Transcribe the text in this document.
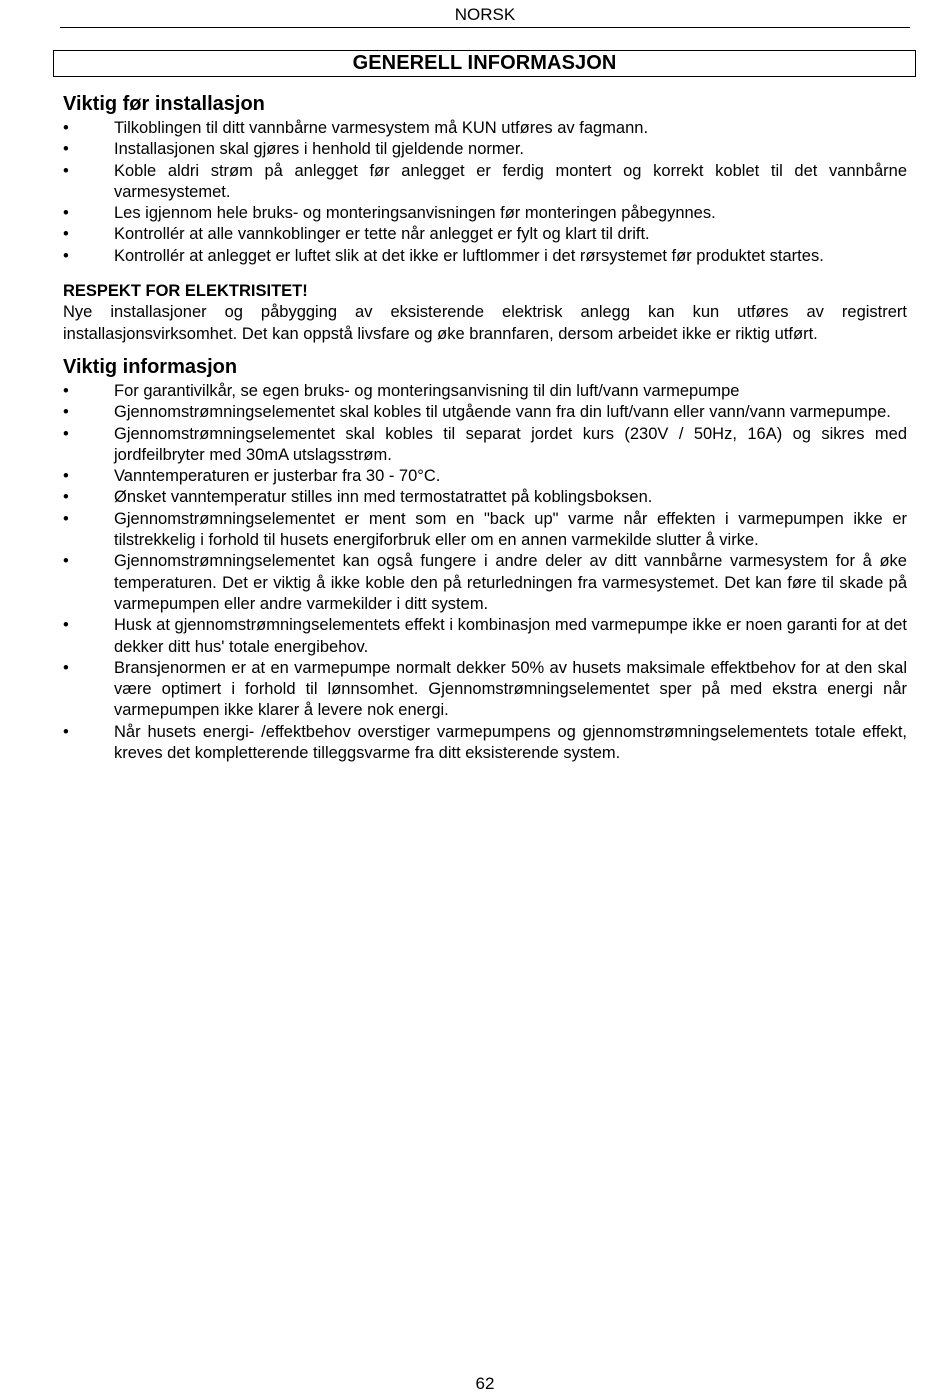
NORSK
GENERELL INFORMASJON
Viktig før installasjon
•	Tilkoblingen til ditt vannbårne varmesystem må KUN utføres av fagmann.
•	Installasjonen skal gjøres i henhold til gjeldende normer.
•	Koble aldri strøm på anlegget før anlegget er ferdig montert og korrekt koblet til det vannbårne varmesystemet.
•	Les igjennom hele bruks- og monteringsanvisningen før monteringen påbegynnes.
•	Kontrollér at alle vannkoblinger er tette når anlegget er fylt og klart til drift.
•	Kontrollér at anlegget er luftet slik at det ikke er luftlommer i det rørsystemet før produktet startes.
RESPEKT FOR ELEKTRISITET!
Nye installasjoner og påbygging av eksisterende elektrisk anlegg kan kun utføres av registrert installasjonsvirksomhet. Det kan oppstå livsfare og øke brannfaren, dersom arbeidet ikke er riktig utført.
Viktig informasjon
•	For garantivilkår, se egen bruks- og monteringsanvisning til din luft/vann varmepumpe
•	Gjennomstrømningselementet skal kobles til utgående vann fra din luft/vann eller vann/vann varmepumpe.
•	Gjennomstrømningselementet skal kobles til separat jordet kurs (230V / 50Hz, 16A) og sikres med jordfeilbryter med 30mA utslagsstrøm.
•	Vanntemperaturen er justerbar fra 30 - 70°C.
•	Ønsket vanntemperatur stilles inn med termostatrattet på koblingsboksen.
•	Gjennomstrømningselementet er ment som en "back up" varme når effekten i varmepumpen ikke er tilstrekkelig i forhold til husets energiforbruk eller om en annen varmekilde slutter å virke.
•	Gjennomstrømningselementet kan også fungere i andre deler av ditt vannbårne varmesystem for å øke temperaturen. Det er viktig å ikke koble den på returledningen fra varmesystemet. Det kan føre til skade på varmepumpen eller andre varmekilder i ditt system.
•	Husk at gjennomstrømningselementets effekt i kombinasjon med varmepumpe ikke er noen garanti for at det dekker ditt hus' totale energibehov.
•	Bransjenormen er at en varmepumpe normalt dekker 50% av husets maksimale effektbehov for at den skal være optimert i forhold til lønnsomhet. Gjennomstrømningselementet sper på med ekstra energi når varmepumpen ikke klarer å levere nok energi.
•	Når husets energi- /effektbehov overstiger varmepumpens og gjennomstrømningselementets totale effekt, kreves det kompletterende tilleggsvarme fra ditt eksisterende system.
62
